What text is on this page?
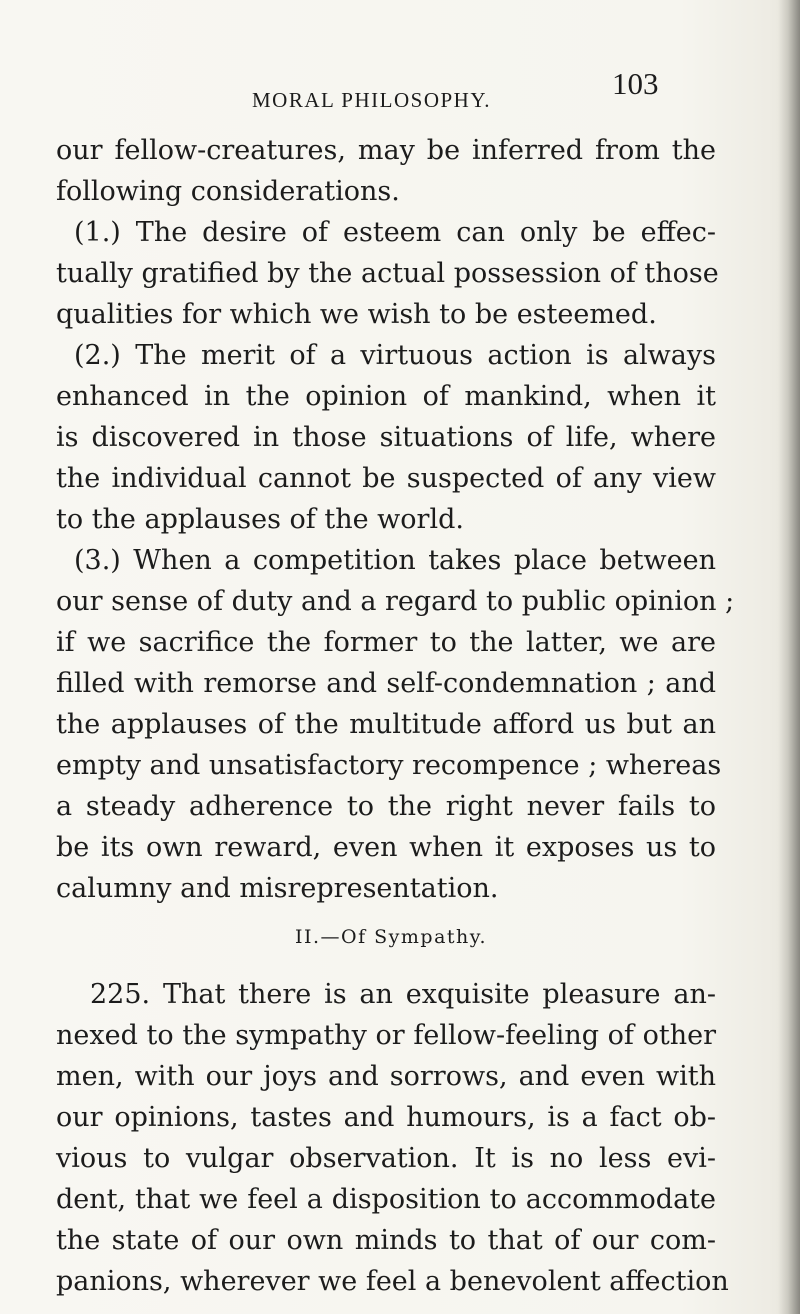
MORAL PHILOSOPHY.	103
our fellow-creatures, may be inferred from the
following considerations.
(1.) The desire of esteem can only be effec-
tually gratified by the actual possession of those
qualities for which we wish to be esteemed.
(2.) The merit of a virtuous action is always
enhanced in the opinion of mankind, when it
is discovered in those situations of life, where
the individual cannot be suspected of any view
to the applauses of the world.
(3.) When a competition takes place between
our sense of duty and a regard to public opinion ;
if we sacrifice the former to the latter, we are
filled with remorse and self-condemnation ; and
the applauses of the multitude afford us but an
empty and unsatisfactory recompence ; whereas
a steady adherence to the right never fails to
be its own reward, even when it exposes us to
calumny and misrepresentation.
II.—Of Sympathy.
225. That there is an exquisite pleasure an-
nexed to the sympathy or fellow-feeling of other
men, with our joys and sorrows, and even with
our opinions, tastes and humours, is a fact ob-
vious to vulgar observation. It is no less evi-
dent, that we feel a disposition to accommodate
the state of our own minds to that of our com-
panions, wherever we feel a benevolent affection
